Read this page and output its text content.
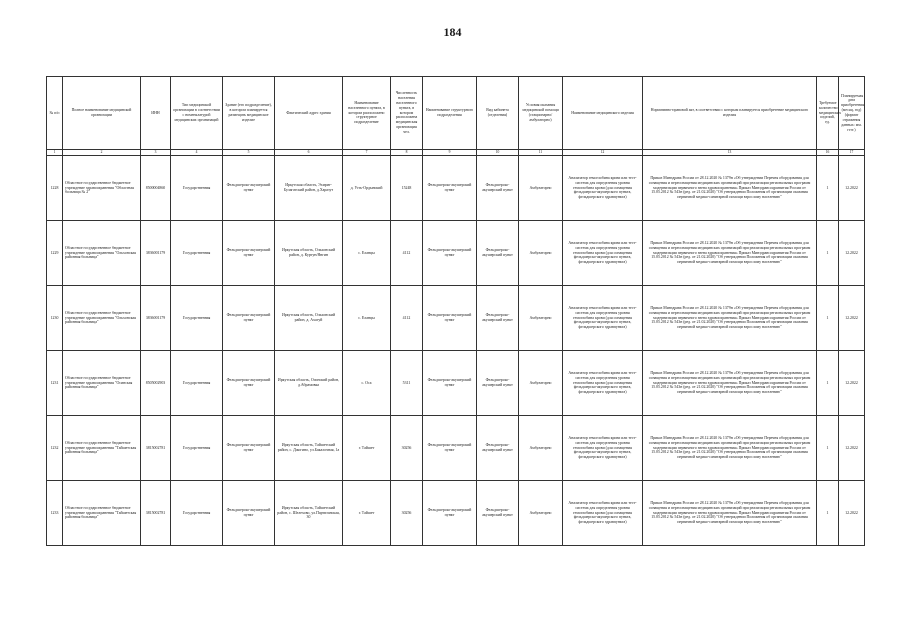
184
№ п/п	Полное наименование медицинской организации	ИНН	Тип медицинской организации в соответствии с номенклатурой медицинских организаций	Здание (его подразделение), в котором планируется размещать медицинское изделие	Фактический адрес здания	Наименование населенного пункта, в котором расположено структурное подразделение	Численность населения населенного пункта, в котором расположена медицинская организация чел.	Наименование структурного подразделения	Вид кабинета (отделения)	Условия оказания медицинской помощи (стационарно/амбулаторно)	Наименование медицинского изделия	Нормативно-правовой акт, в соответствии с которым планируется приобретение медицинского изделия	Требуемое количество медицинских изделий, ед.	Планируемая дата приобретения (месяц, год) (формат отражения данных: мм. гггг.)
1	2	3	4	5	6	7	8	9	10	11	12	13	16	17
1228	Областное государственное бюджетное учреждение здравоохранения "Областная больница № 2"	8500004860	Государственная	Фельдшерско-акушерский пункт	Иркутская область, Эхирит-Булагатский район, д.Харазут	д. Усть-Ордынский	15248	Фельдшерско-акушерский пункт	Фельдшерско-акушерский пункт	Амбулаторно	Анализатор гемоглобина крови или тест-система для определения уровня гемоглобина крови (для оснащения фельдшерско-акушерского пункта, фельдшерского здравпункта)	Приказ Минздрава России от 28.12.2020 № 1379н «Об утверждении Перечня оборудования для оснащения и переоснащения медицинских организаций при реализации региональных программ модернизации первичного звена здравоохранения» Приказ Минздравсоцразвития России от 15.05.2012 № 543н (ред. от 21.02.2020) "Об утверждении Положения об организации оказания первичной медико-санитарной помощи взрослому населению"	1	12.2022
1229	Областное государственное бюджетное учреждение здравоохранения "Ольхонская районная больница"	3836001179	Государственная	Фельдшерско-акушерский пункт	Иркутская область, Ольхонский район, д. Куртун/Янгин	с. Еланцы	4112	Фельдшерско-акушерский пункт	Фельдшерско-акушерский пункт	Амбулаторно	Анализатор гемоглобина крови или тест-система для определения уровня гемоглобина крови (для оснащения фельдшерско-акушерского пункта, фельдшерского здравпункта)	Приказ Минздрава России от 28.12.2020 № 1379н «Об утверждении Перечня оборудования для оснащения и переоснащения медицинских организаций при реализации региональных программ модернизации первичного звена здравоохранения» Приказ Минздравсоцразвития России от 15.05.2012 № 543н (ред. от 21.02.2020) "Об утверждении Положения об организации оказания первичной медико-санитарной помощи взрослому населению"	1	12.2022
1230	Областное государственное бюджетное учреждение здравоохранения "Ольхонская районная больница"	3836001179	Государственная	Фельдшерско-акушерский пункт	Иркутская область, Ольхонский район, д. Ахагуй	с. Еланцы	4112	Фельдшерско-акушерский пункт	Фельдшерско-акушерский пункт	Амбулаторно	Анализатор гемоглобина крови или тест-система для определения уровня гемоглобина крови (для оснащения фельдшерско-акушерского пункта, фельдшерского здравпункта)	Приказ Минздрава России от 28.12.2020 № 1379н «Об утверждении Перечня оборудования для оснащения и переоснащения медицинских организаций при реализации региональных программ модернизации первичного звена здравоохранения» Приказ Минздравсоцразвития России от 15.05.2012 № 543н (ред. от 21.02.2020) "Об утверждении Положения об организации оказания первичной медико-санитарной помощи взрослому населению"	1	12.2022
1231	Областное государственное бюджетное учреждение здравоохранения "Осинская районная больница"	8505002903	Государственная	Фельдшерско-акушерский пункт	Иркутская область, Осинский район, д.Абрамовка	с. Оса	5311	Фельдшерско-акушерский пункт	Фельдшерско-акушерский пункт	Амбулаторно	Анализатор гемоглобина крови или тест-система для определения уровня гемоглобина крови (для оснащения фельдшерско-акушерского пункта, фельдшерского здравпункта)	Приказ Минздрава России от 28.12.2020 № 1379н «Об утверждении Перечня оборудования для оснащения и переоснащения медицинских организаций при реализации региональных программ модернизации первичного звена здравоохранения» Приказ Минздравсоцразвития России от 15.05.2012 № 543н (ред. от 21.02.2020) "Об утверждении Положения об организации оказания первичной медико-санитарной помощи взрослому населению"	1	12.2022
1232	Областное государственное бюджетное учреждение здравоохранения "Тайшетская районная больница"	3815002781	Государственная	Фельдшерско-акушерский пункт	Иркутская область, Тайшетский район, с. Джогино, ул.Бакалочная, 1а	г. Тайшет	30256	Фельдшерско-акушерский пункт	Фельдшерско-акушерский пункт	Амбулаторно	Анализатор гемоглобина крови или тест-система для определения уровня гемоглобина крови (для оснащения фельдшерско-акушерского пункта, фельдшерского здравпункта)	Приказ Минздрава России от 28.12.2020 № 1379н «Об утверждении Перечня оборудования для оснащения и переоснащения медицинских организаций при реализации региональных программ модернизации первичного звена здравоохранения» Приказ Минздравсоцразвития России от 15.05.2012 № 543н (ред. от 21.02.2020) "Об утверждении Положения об организации оказания первичной медико-санитарной помощи взрослому населению"	1	12.2022
1233	Областное государственное бюджетное учреждение здравоохранения "Тайшетская районная больница"	3815002781	Государственная	Фельдшерско-акушерский пункт	Иркутская область, Тайшетский район, с. Шелехово, ул.Партизанская, 30	г. Тайшет	30256	Фельдшерско-акушерский пункт	Фельдшерско-акушерский пункт	Амбулаторно	Анализатор гемоглобина крови или тест-система для определения уровня гемоглобина крови (для оснащения фельдшерско-акушерского пункта, фельдшерского здравпункта)	Приказ Минздрава России от 28.12.2020 № 1379н «Об утверждении Перечня оборудования для оснащения и переоснащения медицинских организаций при реализации региональных программ модернизации первичного звена здравоохранения» Приказ Минздравсоцразвития России от 15.05.2012 № 543н (ред. от 21.02.2020) "Об утверждении Положения об организации оказания первичной медико-санитарной помощи взрослому населению"	1	12.2022
